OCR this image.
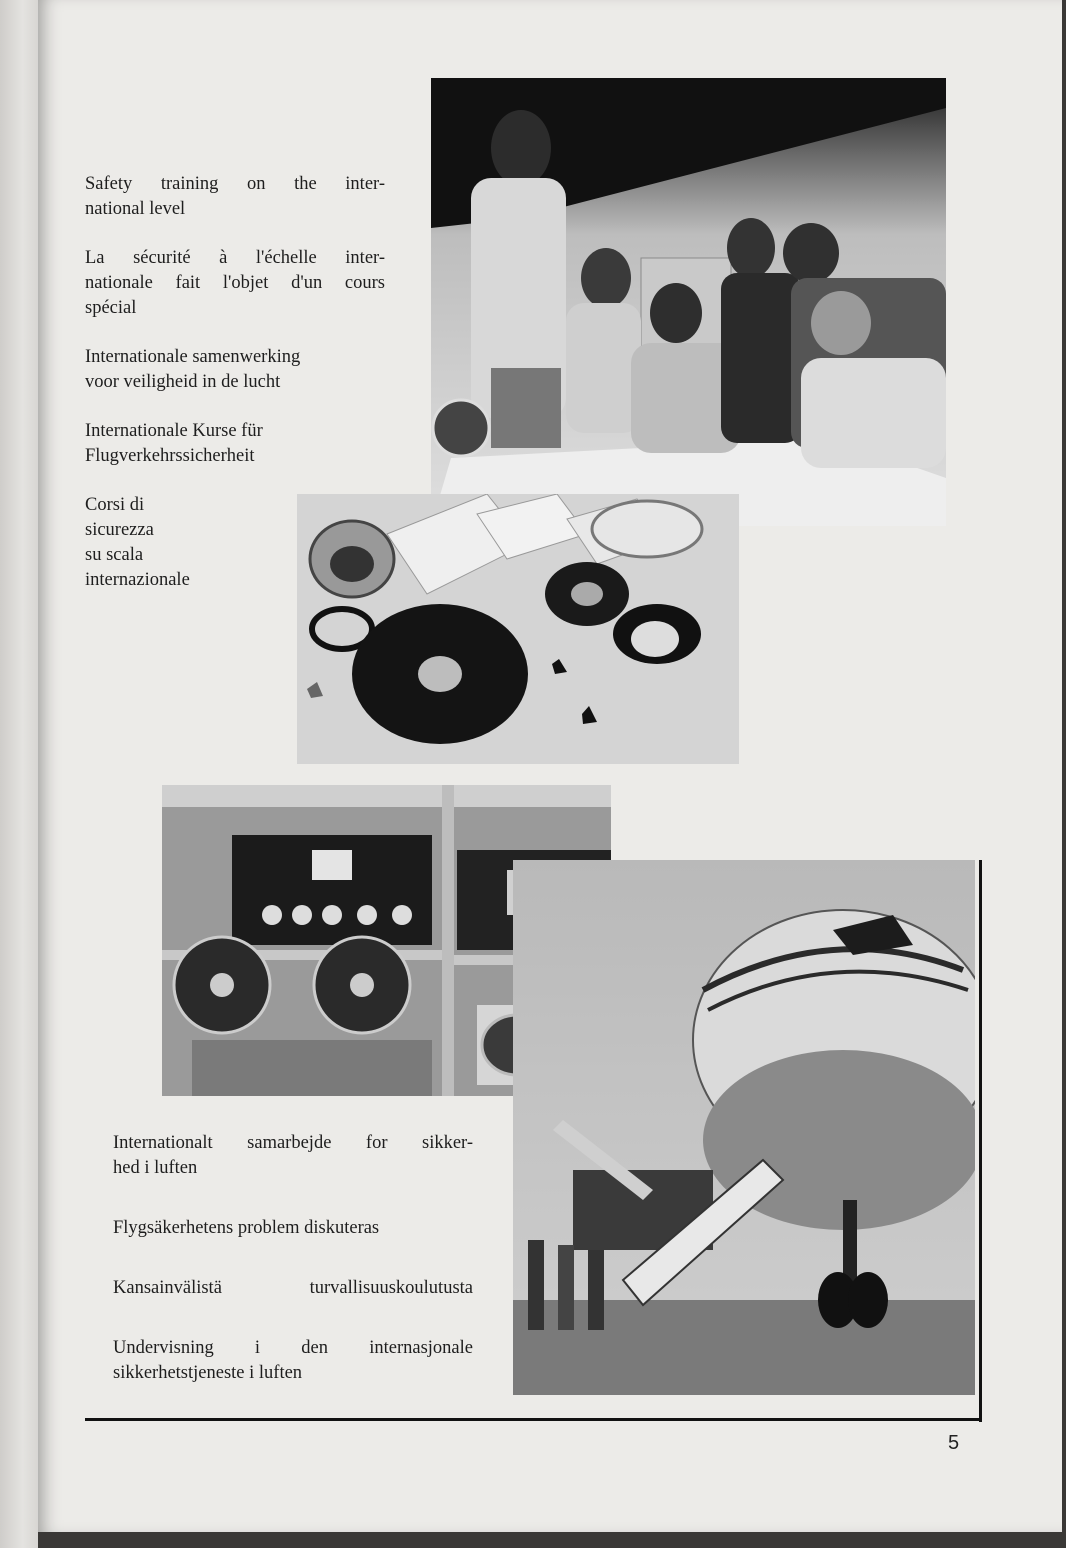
Safety training on the inter-
national level

La sécurité à l'échelle inter-
nationale fait l'objet d'un cours
spécial

Internationale samenwerking
voor veiligheid in de lucht

Internationale Kurse für
Flugverkehrssicherheit

Corsi di
sicurezza
su scala
internazionale

Internationalt samarbejde for sikker-
hed i luften

Flygsäkerhetens problem diskuteras

Kansainvälistä turvallisuuskoulutusta

Undervisning i den internasjonale
sikkerhetstjeneste i luften

5
